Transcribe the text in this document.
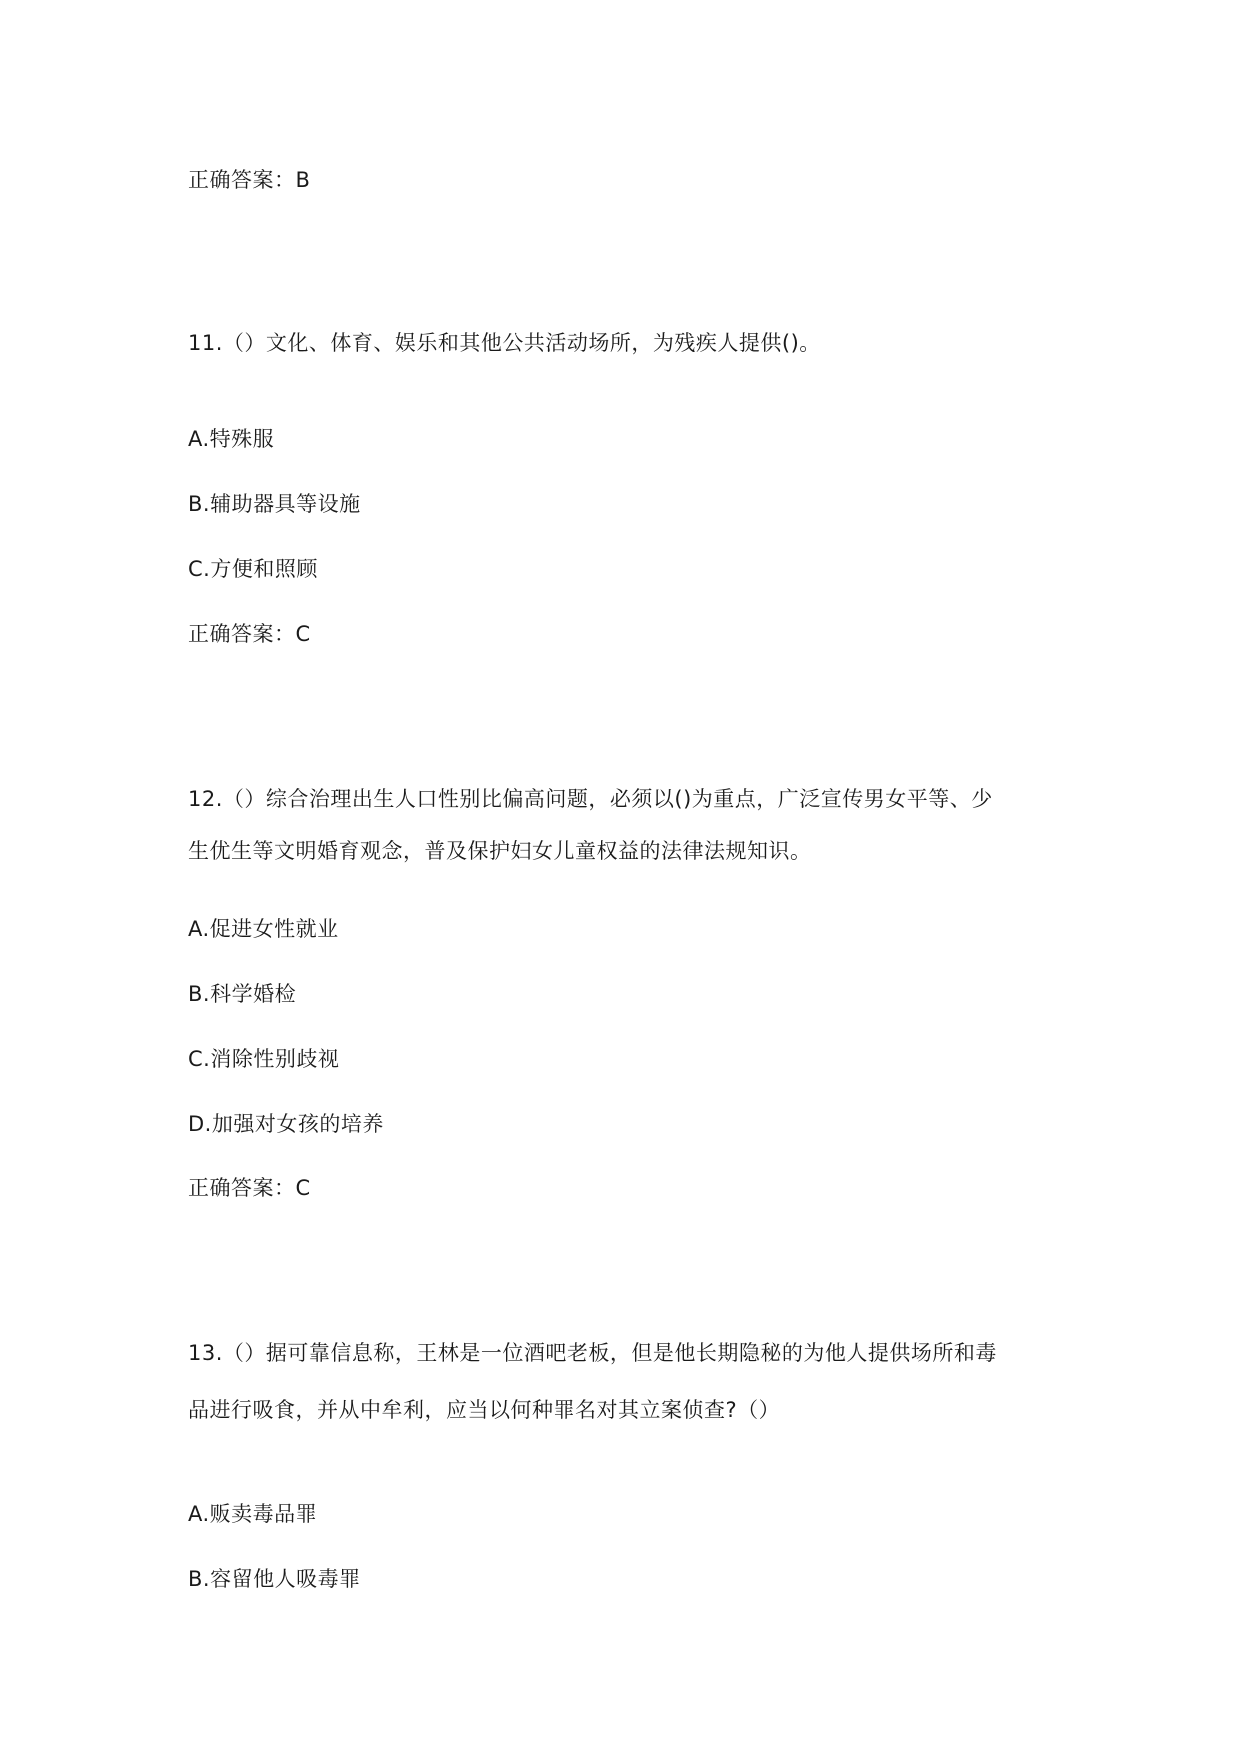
正确答案：B
11.（）文化、体育、娱乐和其他公共活动场所，为残疾人提供()。
A.特殊服
B.辅助器具等设施
C.方便和照顾
正确答案：C
12.（）综合治理出生人口性别比偏高问题，必须以()为重点，广泛宣传男女平等、少
生优生等文明婚育观念，普及保护妇女儿童权益的法律法规知识。
A.促进女性就业
B.科学婚检
C.消除性别歧视
D.加强对女孩的培养
正确答案：C
13.（）据可靠信息称，王林是一位酒吧老板，但是他长期隐秘的为他人提供场所和毒
品进行吸食，并从中牟利，应当以何种罪名对其立案侦查?（）
A.贩卖毒品罪
B.容留他人吸毒罪
